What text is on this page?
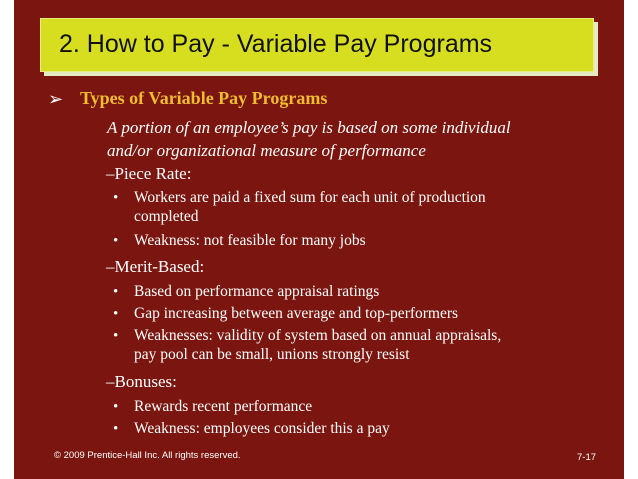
2. How to Pay - Variable Pay Programs
➢ Types of Variable Pay Programs
A portion of an employee’s pay is based on some individual
and/or organizational measure of performance
–Piece Rate:
• Workers are paid a fixed sum for each unit of production
completed
• Weakness: not feasible for many jobs
–Merit-Based:
• Based on performance appraisal ratings
• Gap increasing between average and top-performers
• Weaknesses: validity of system based on annual appraisals,
pay pool can be small, unions strongly resist
–Bonuses:
• Rewards recent performance
• Weakness: employees consider this a pay
© 2009 Prentice-Hall Inc. All rights reserved.	7-17
